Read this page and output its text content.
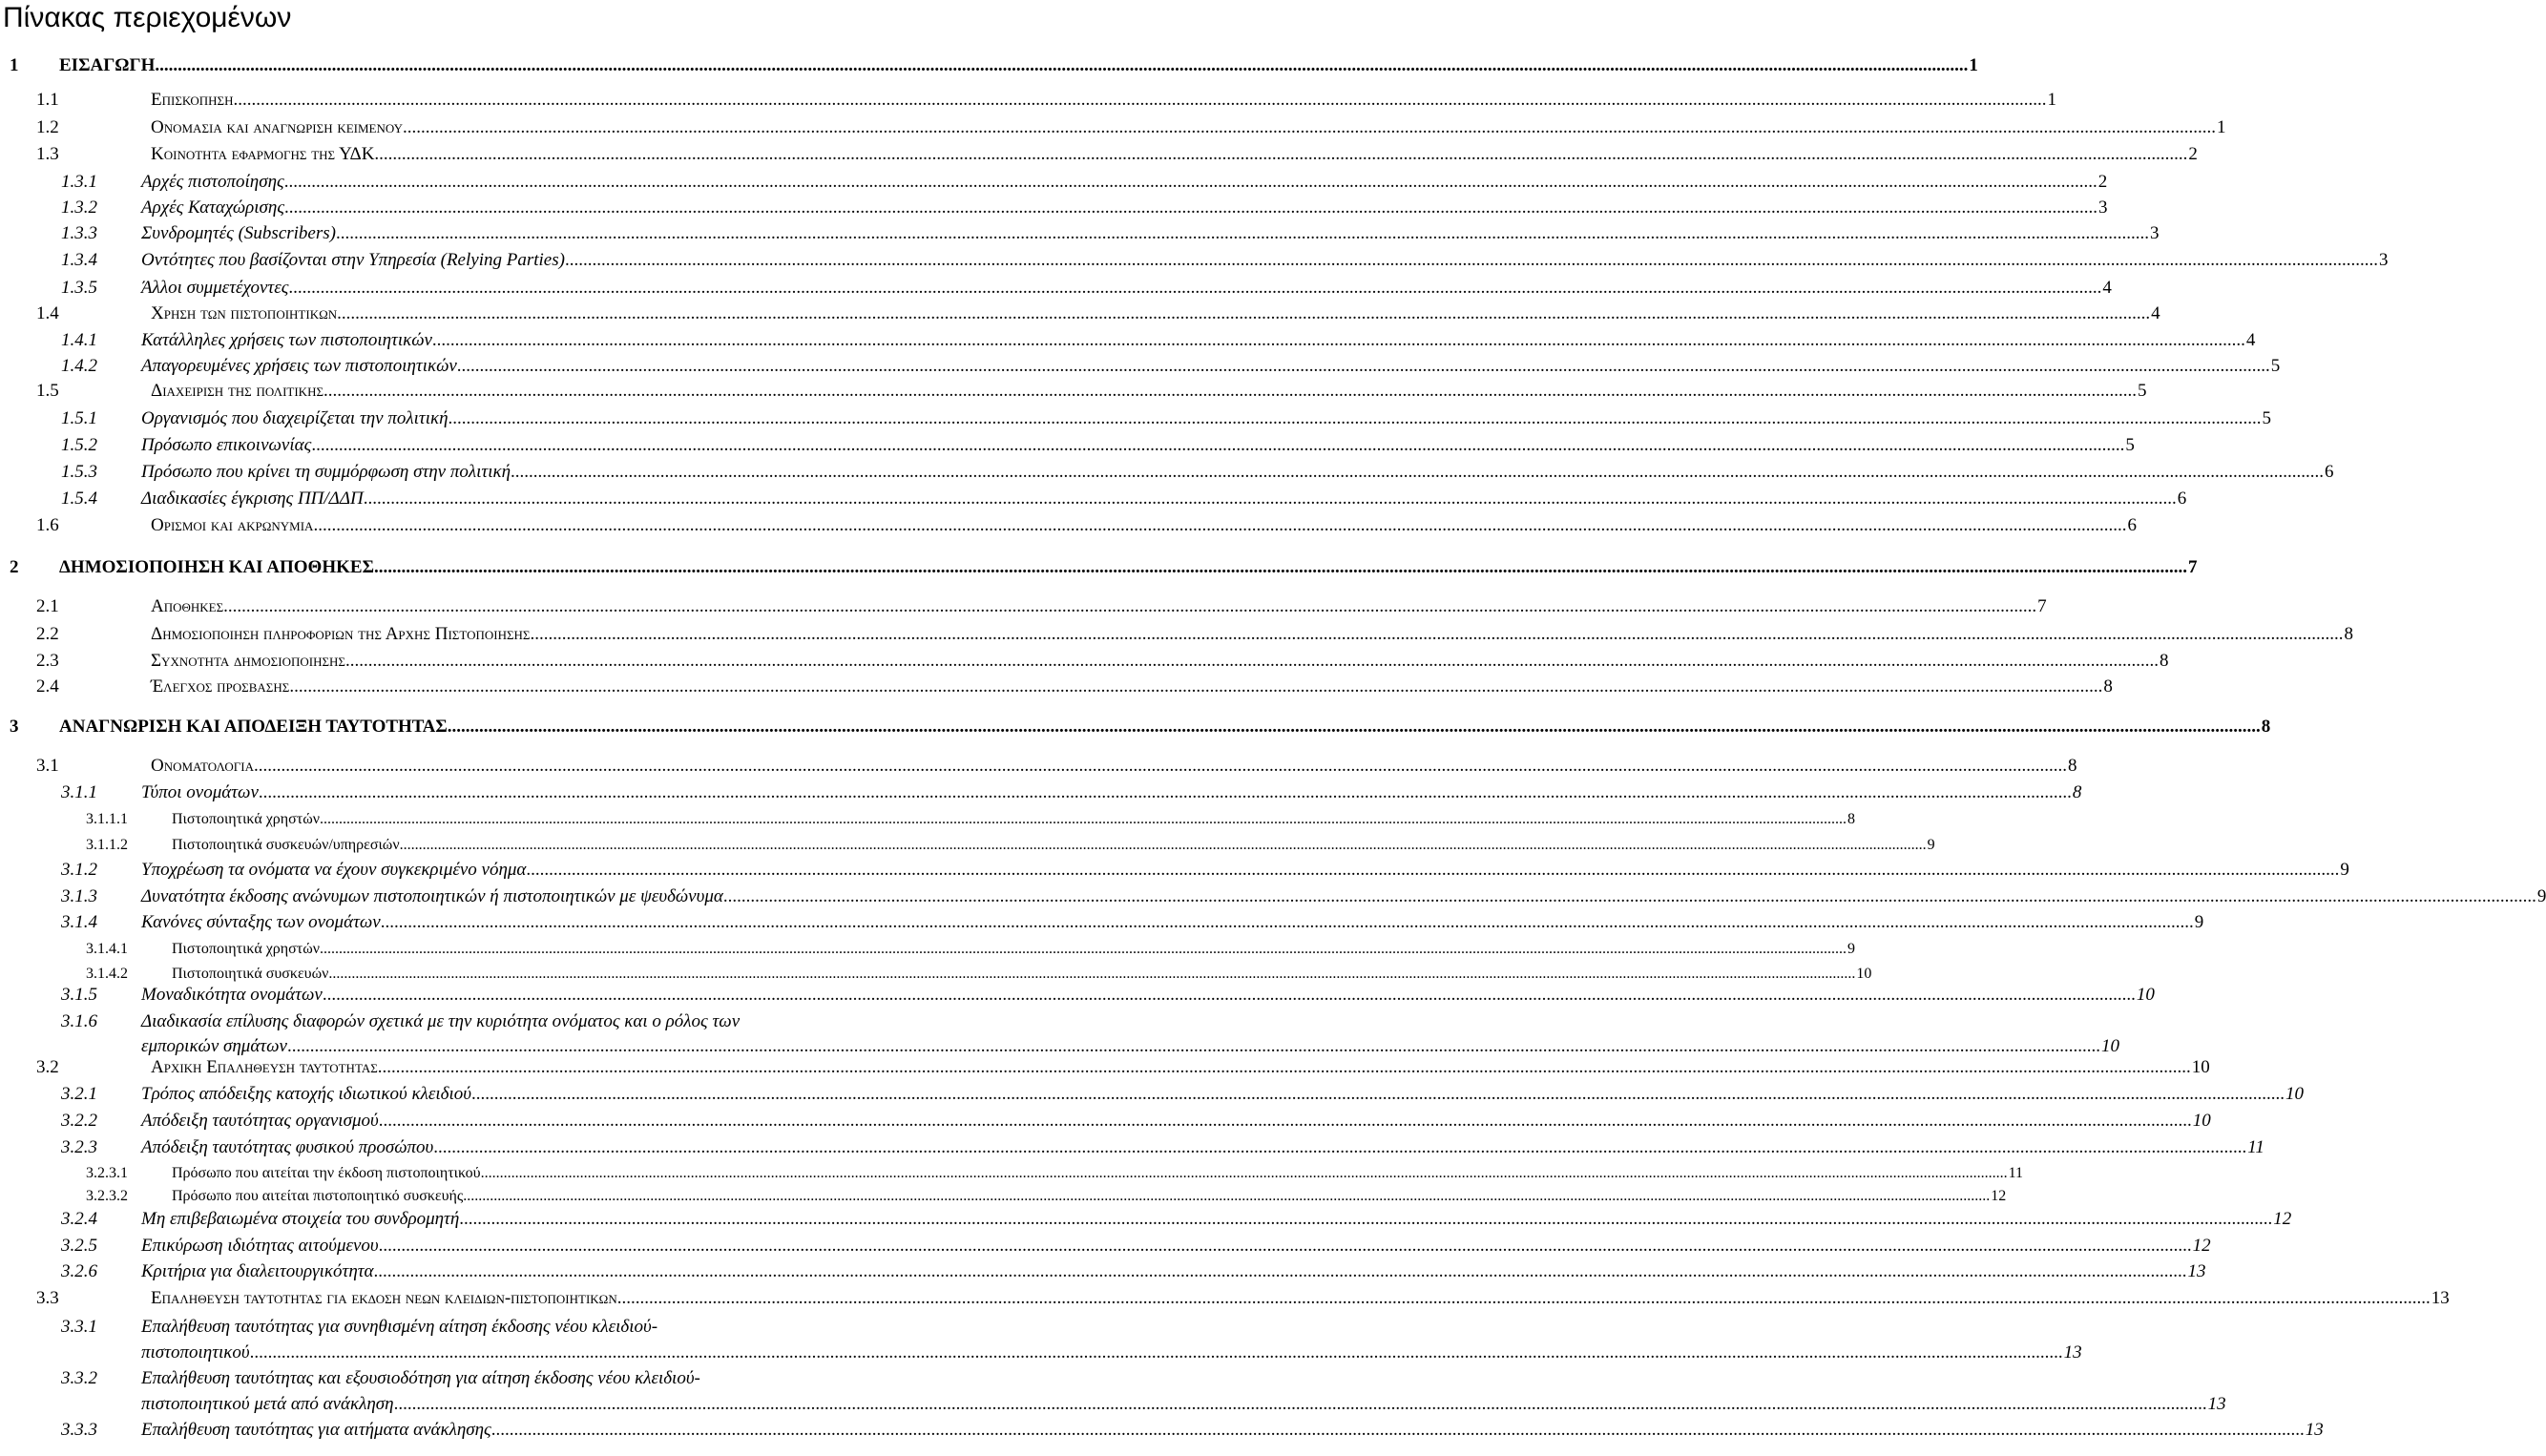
Πίνακας περιεχομένων
1 ΕΙΣΑΓΩΓΗ ................................................................................................................................................................................................................................................................................................................................................................................................................ 1
1.1	Επισκοπηση ................................................................................................................................................................................................................................................................................................................................................................................................................ 1
1.2	Ονομασια και αναγνωριση κειμενου ................................................................................................................................................................................................................................................................................................................................................................................................................ 1
1.3	Κοινοτητα εφαρμογης της ΥΔΚ ................................................................................................................................................................................................................................................................................................................................................................................................................ 2
1.3.1 Αρχές πιστοποίησης ................................................................................................................................................................................................................................................................................................................................................................................................................ 2
1.3.2 Αρχές Καταχώρισης ................................................................................................................................................................................................................................................................................................................................................................................................................ 3
1.3.3 Συνδρομητές (Subscribers) ................................................................................................................................................................................................................................................................................................................................................................................................................ 3
1.3.4 Οντότητες που βασίζονται στην Υπηρεσία (Relying Parties) ................................................................................................................................................................................................................................................................................................................................................................................................................ 3
1.3.5 Άλλοι συμμετέχοντες ................................................................................................................................................................................................................................................................................................................................................................................................................ 4
1.4	Χρηση των πιστοποιητικων ................................................................................................................................................................................................................................................................................................................................................................................................................ 4
1.4.1 Κατάλληλες χρήσεις των πιστοποιητικών ................................................................................................................................................................................................................................................................................................................................................................................................................ 4
1.4.2 Απαγορευμένες χρήσεις των πιστοποιητικών ................................................................................................................................................................................................................................................................................................................................................................................................................ 5
1.5	Διαχειριση της πολιτικης ................................................................................................................................................................................................................................................................................................................................................................................................................ 5
1.5.1 Οργανισμός που διαχειρίζεται την πολιτική ................................................................................................................................................................................................................................................................................................................................................................................................................ 5
1.5.2 Πρόσωπο επικοινωνίας ................................................................................................................................................................................................................................................................................................................................................................................................................ 5
1.5.3 Πρόσωπο που κρίνει τη συμμόρφωση στην πολιτική ................................................................................................................................................................................................................................................................................................................................................................................................................ 6
1.5.4 Διαδικασίες έγκρισης ΠΠ/ΔΔΠ ................................................................................................................................................................................................................................................................................................................................................................................................................ 6
1.6	Ορισμοι και ακρωνυμια ................................................................................................................................................................................................................................................................................................................................................................................................................ 6
2 ΔΗΜΟΣΙΟΠΟΙΗΣΗ ΚΑΙ ΑΠΟΘΗΚΕΣ ................................................................................................................................................................................................................................................................................................................................................................................................................ 7
2.1	Αποθηκες ................................................................................................................................................................................................................................................................................................................................................................................................................ 7
2.2	Δημοσιοποιηση πληροφοριων της Αρχης Πιστοποιησης ................................................................................................................................................................................................................................................................................................................................................................................................................ 8
2.3	Συχνοτητα δημοσιοποιησης ................................................................................................................................................................................................................................................................................................................................................................................................................ 8
2.4	Έλεγχος προσβασης ................................................................................................................................................................................................................................................................................................................................................................................................................ 8
3 ΑΝΑΓΝΩΡΙΣΗ ΚΑΙ ΑΠΟΔΕΙΞΗ ΤΑΥΤΟΤΗΤΑΣ ................................................................................................................................................................................................................................................................................................................................................................................................................ 8
3.1	Ονοματολογια ................................................................................................................................................................................................................................................................................................................................................................................................................ 8
3.1.1 Τύποι ονομάτων ................................................................................................................................................................................................................................................................................................................................................................................................................ 8
3.1.1.1	Πιστοποιητικά χρηστών ................................................................................................................................................................................................................................................................................................................................................................................................................ 8
3.1.1.2	Πιστοποιητικά συσκευών/υπηρεσιών ................................................................................................................................................................................................................................................................................................................................................................................................................ 9
3.1.2 Υποχρέωση τα ονόματα να έχουν συγκεκριμένο νόημα ................................................................................................................................................................................................................................................................................................................................................................................................................ 9
3.1.3 Δυνατότητα έκδοσης ανώνυμων πιστοποιητικών ή πιστοποιητικών με ψευδώνυμα ................................................................................................................................................................................................................................................................................................................................................................................................................ 9
3.1.4 Κανόνες σύνταξης των ονομάτων ................................................................................................................................................................................................................................................................................................................................................................................................................ 9
3.1.4.1	Πιστοποιητικά χρηστών ................................................................................................................................................................................................................................................................................................................................................................................................................ 9
3.1.4.2	Πιστοποιητικά συσκευών ................................................................................................................................................................................................................................................................................................................................................................................................................ 10
3.1.5 Μοναδικότητα ονομάτων ................................................................................................................................................................................................................................................................................................................................................................................................................ 10
3.1.6 Διαδικασία επίλυσης διαφορών σχετικά με την κυριότητα ονόματος και ο ρόλος των
εμπορικών σημάτων ................................................................................................................................................................................................................................................................................................................................................................................................................ 10
3.2	Αρχικη Επαληθευση ταυτοτητας ................................................................................................................................................................................................................................................................................................................................................................................................................ 10
3.2.1 Τρόπος απόδειξης κατοχής ιδιωτικού κλειδιού ................................................................................................................................................................................................................................................................................................................................................................................................................ 10
3.2.2 Απόδειξη ταυτότητας οργανισμού ................................................................................................................................................................................................................................................................................................................................................................................................................ 10
3.2.3 Απόδειξη ταυτότητας φυσικού προσώπου ................................................................................................................................................................................................................................................................................................................................................................................................................ 11
3.2.3.1	Πρόσωπο που αιτείται την έκδοση πιστοποιητικού ................................................................................................................................................................................................................................................................................................................................................................................................................ 11
3.2.3.2	Πρόσωπο που αιτείται πιστοποιητικό συσκευής ................................................................................................................................................................................................................................................................................................................................................................................................................ 12
3.2.4 Μη επιβεβαιωμένα στοιχεία του συνδρομητή ................................................................................................................................................................................................................................................................................................................................................................................................................ 12
3.2.5 Επικύρωση ιδιότητας αιτούμενου ................................................................................................................................................................................................................................................................................................................................................................................................................ 12
3.2.6 Κριτήρια για διαλειτουργικότητα ................................................................................................................................................................................................................................................................................................................................................................................................................ 13
3.3	Επαληθευση ταυτοτητας για εκδοση νεων κλειδιων-πιστοποιητικων ................................................................................................................................................................................................................................................................................................................................................................................................................ 13
3.3.1 Επαλήθευση ταυτότητας για συνηθισμένη αίτηση έκδοσης νέου κλειδιού-
πιστοποιητικού ................................................................................................................................................................................................................................................................................................................................................................................................................ 13
3.3.2 Επαλήθευση ταυτότητας και εξουσιοδότηση για αίτηση έκδοσης νέου κλειδιού-
πιστοποιητικού μετά από ανάκληση ................................................................................................................................................................................................................................................................................................................................................................................................................ 13
3.3.3 Επαλήθευση ταυτότητας για αιτήματα ανάκλησης ................................................................................................................................................................................................................................................................................................................................................................................................................ 13
